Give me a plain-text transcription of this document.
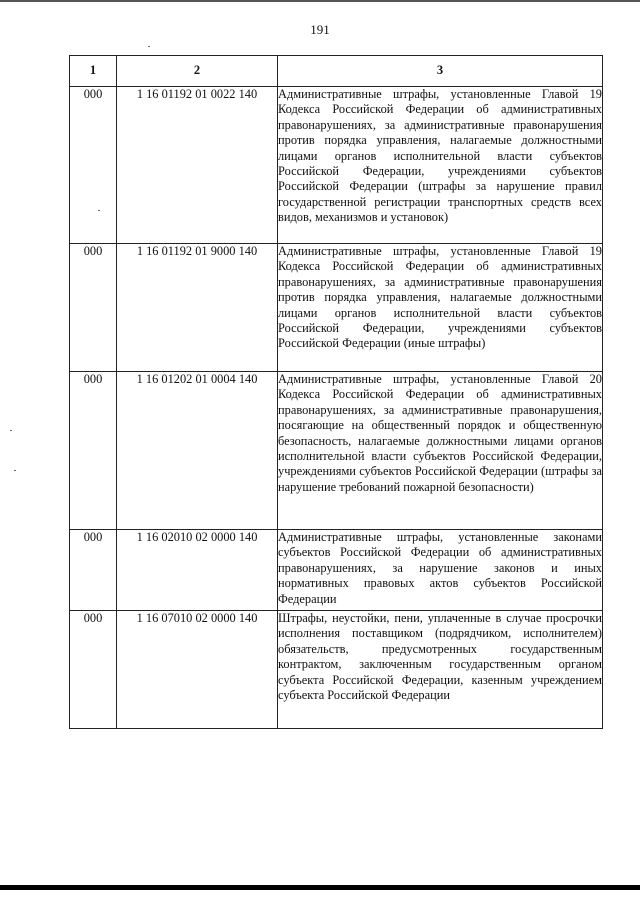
191
1	2	3
000	1 16 01192 01 0022 140	Административные штрафы, установленные Главой 19 Кодекса Российской Федерации об административных правонарушениях, за административные правонарушения против порядка управления, налагаемые должностными лицами органов исполнительной власти субъектов Российской Федерации, учреждениями субъектов Российской Федерации (штрафы за нарушение правил государственной регистрации транспортных средств всех видов, механизмов и установок)
000	1 16 01192 01 9000 140	Административные штрафы, установленные Главой 19 Кодекса Российской Федерации об административных правонарушениях, за административные правонарушения против порядка управления, налагаемые должностными лицами органов исполнительной власти субъектов Российской Федерации, учреждениями субъектов Российской Федерации (иные штрафы)
000	1 16 01202 01 0004 140	Административные штрафы, установленные Главой 20 Кодекса Российской Федерации об административных правонарушениях, за административные правонарушения, посягающие на общественный порядок и общественную безопасность, налагаемые должностными лицами органов исполнительной власти субъектов Российской Федерации, учреждениями субъектов Российской Федерации (штрафы за нарушение требований пожарной безопасности)
000	1 16 02010 02 0000 140	Административные штрафы, установленные законами субъектов Российской Федерации об административных правонарушениях, за нарушение законов и иных нормативных правовых актов субъектов Российской Федерации
000	1 16 07010 02 0000 140	Штрафы, неустойки, пени, уплаченные в случае просрочки исполнения поставщиком (подрядчиком, исполнителем) обязательств, предусмотренных государственным контрактом, заключенным государственным органом субъекта Российской Федерации, казенным учреждением субъекта Российской Федерации
